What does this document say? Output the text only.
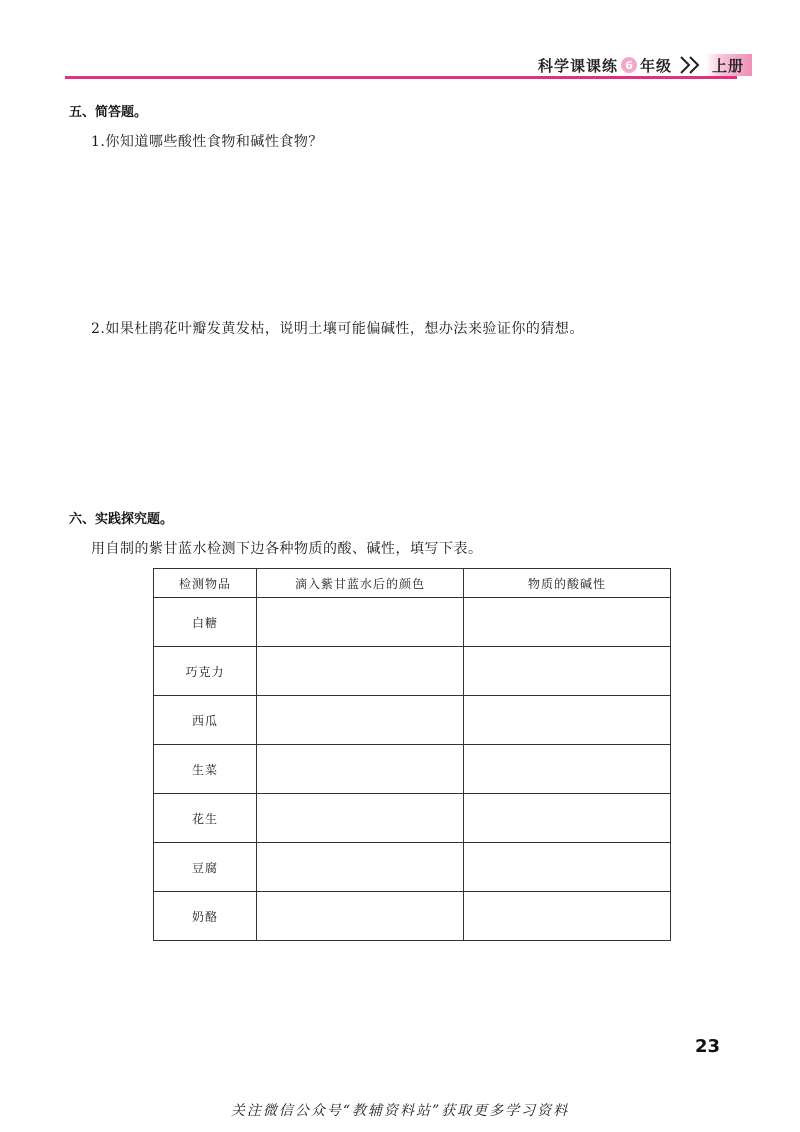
科学课课练 6 年级	上册
五、简答题。
1.你知道哪些酸性食物和碱性食物？
2.如果杜鹃花叶瓣发黄发枯，说明土壤可能偏碱性，想办法来验证你的猜想。
六、实践探究题。
用自制的紫甘蓝水检测下边各种物质的酸、碱性，填写下表。
检测物品	滴入紫甘蓝水后的颜色	物质的酸碱性
白糖		
巧克力		
西瓜		
生菜		
花生		
豆腐		
奶酪		
23
关注微信公众号“教辅资料站”获取更多学习资料
